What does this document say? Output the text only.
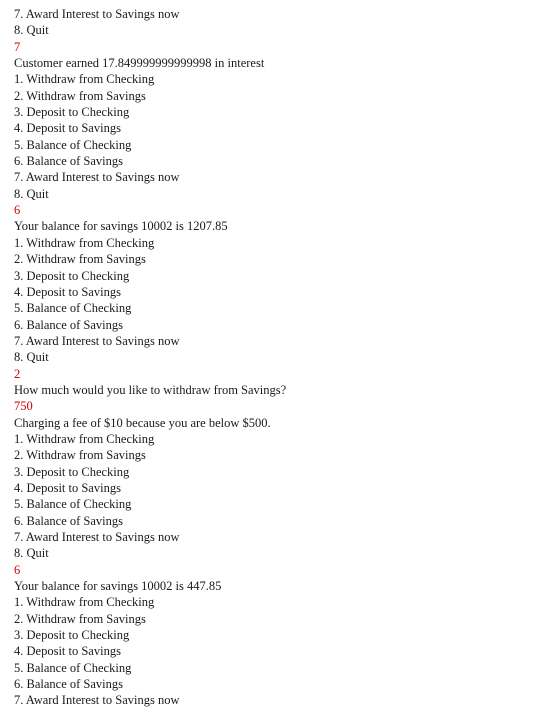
7. Award Interest to Savings now
8. Quit
7
Customer earned 17.849999999999998 in interest
1. Withdraw from Checking
2. Withdraw from Savings
3. Deposit to Checking
4. Deposit to Savings
5. Balance of Checking
6. Balance of Savings
7. Award Interest to Savings now
8. Quit
6
Your balance for savings 10002 is 1207.85
1. Withdraw from Checking
2. Withdraw from Savings
3. Deposit to Checking
4. Deposit to Savings
5. Balance of Checking
6. Balance of Savings
7. Award Interest to Savings now
8. Quit
2
How much would you like to withdraw from Savings?
750
Charging a fee of $10 because you are below $500.
1. Withdraw from Checking
2. Withdraw from Savings
3. Deposit to Checking
4. Deposit to Savings
5. Balance of Checking
6. Balance of Savings
7. Award Interest to Savings now
8. Quit
6
Your balance for savings 10002 is 447.85
1. Withdraw from Checking
2. Withdraw from Savings
3. Deposit to Checking
4. Deposit to Savings
5. Balance of Checking
6. Balance of Savings
7. Award Interest to Savings now
